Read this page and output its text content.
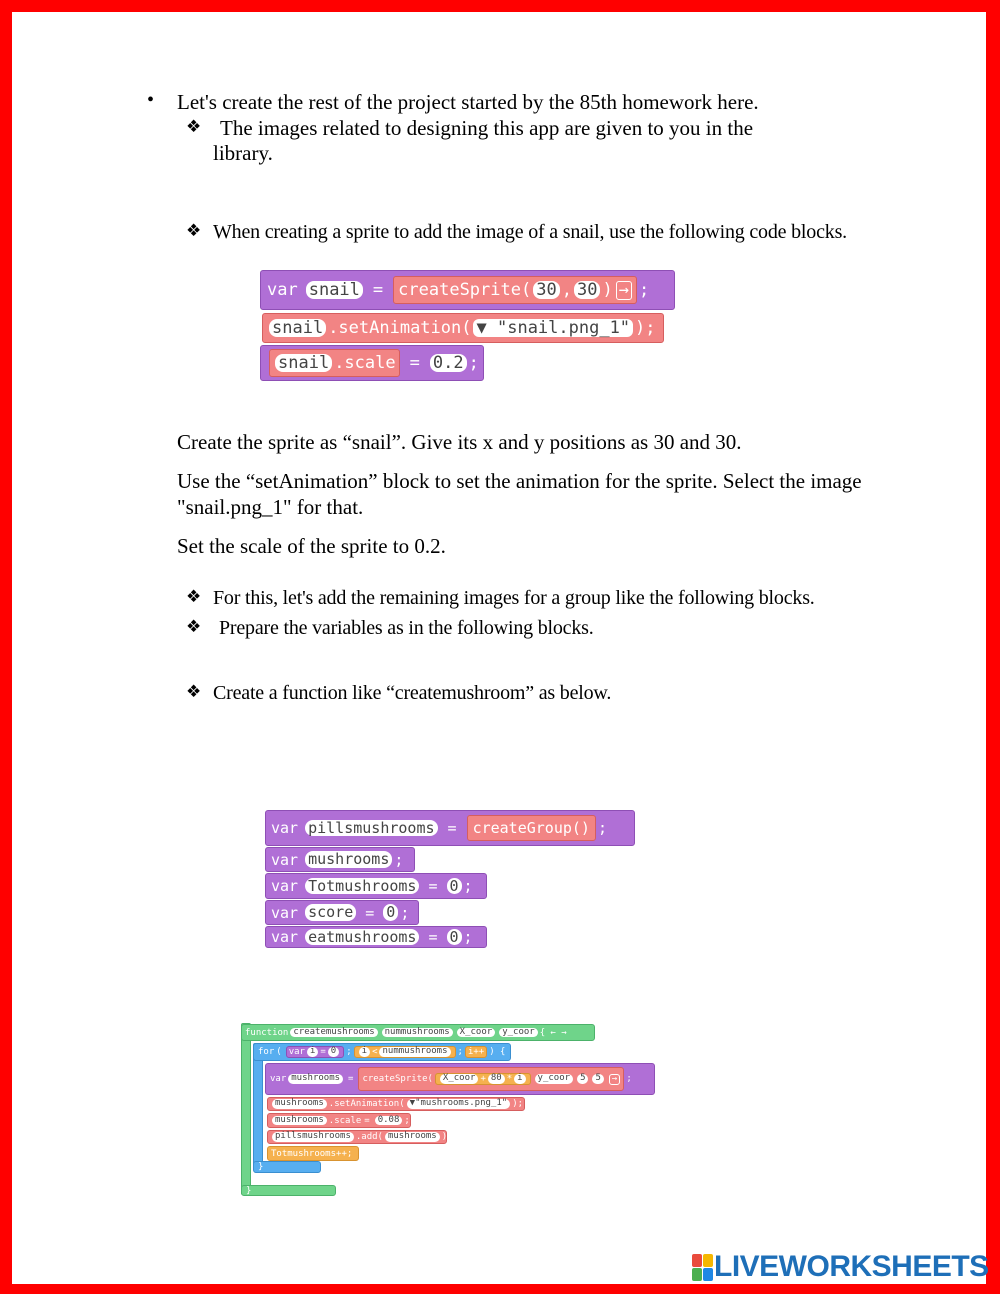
• Let's create the rest of the project started by the 85th homework here.
❖ The images related to designing this app are given to you in the
library.
❖ When creating a sprite to add the image of a snail, use the following code blocks.
var snail = createSprite( 30 , 30 ) → ;
snail .setAnimation( ▼ "snail.png_1" );
snail .scale = 0.2 ;
Create the sprite as “snail”. Give its x and y positions as 30 and 30.
Use the “setAnimation” block to set the animation for the sprite. Select the image
"snail.png_1" for that.
Set the scale of the sprite to 0.2.
❖ For this, let's add the remaining images for a group like the following blocks.
❖ Prepare the variables as in the following blocks.
❖ Create a function like “createmushroom” as below.
var pillsmushrooms =	createGroup() ;
var mushrooms ;
var Totmushrooms = 0 ;
var score = 0 ;
var eatmushrooms = 0 ;
function createmushrooms	nummushrooms	X_coor	y_coor { ← →
for ( var i = 0	;	i < nummushrooms	; i++ ) {
var mushrooms = createSprite(	X_coor + 80 * i	y_coor	5	5	→	;
mushrooms .setAnimation( ▼"mushrooms.png_1" );
mushrooms .scale = 0.08 ;
pillsmushrooms .add( mushrooms );
Totmushrooms++;
}
}
LIVEWORKSHEETS
